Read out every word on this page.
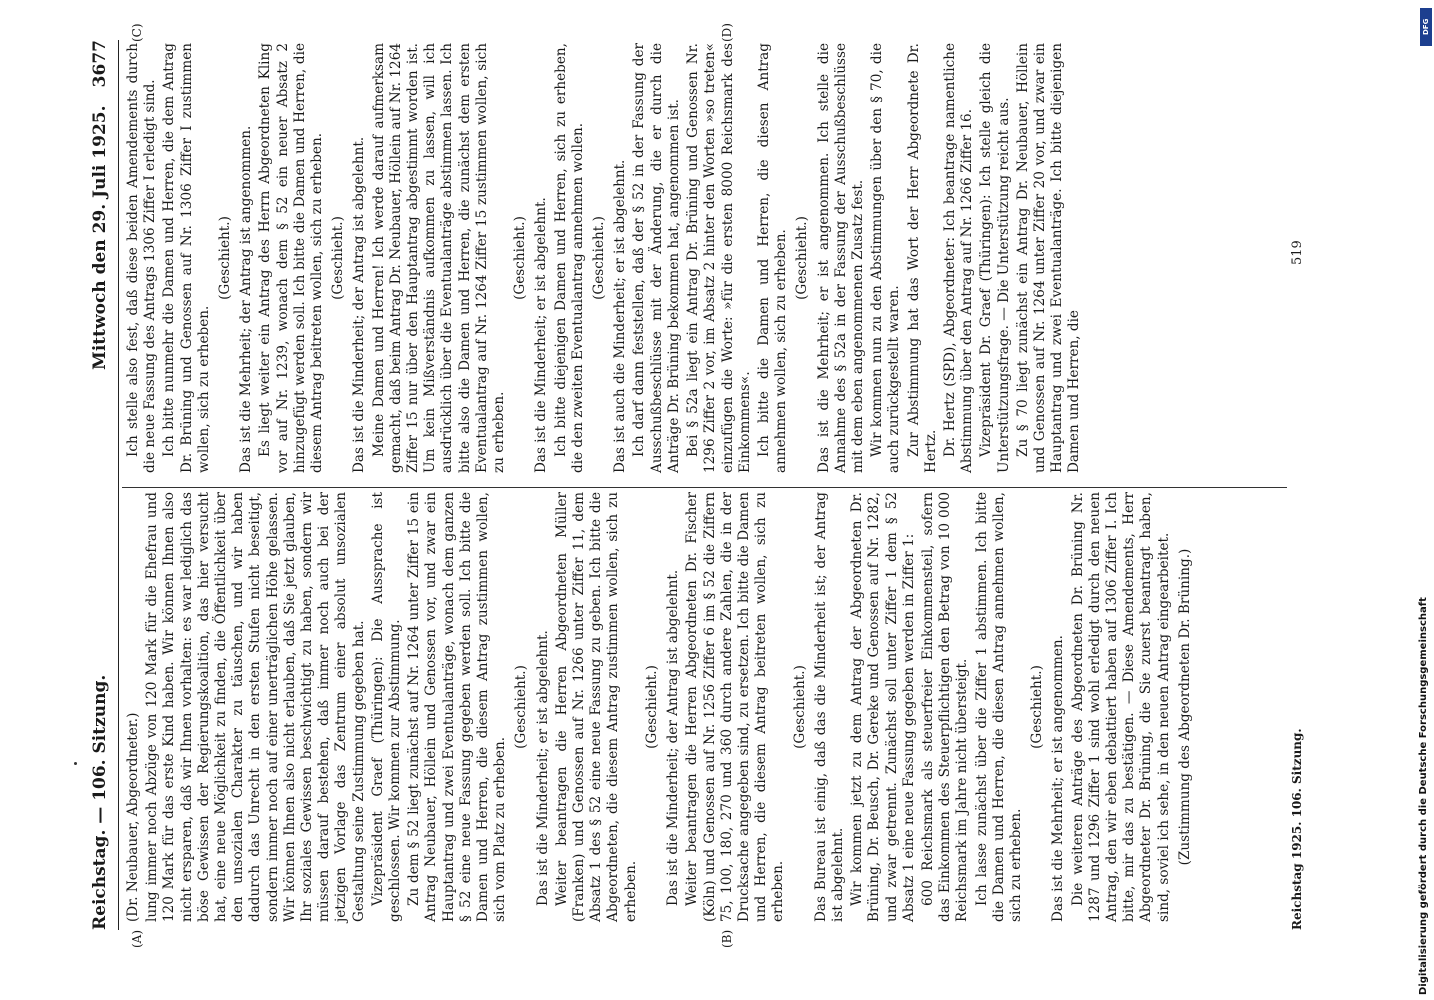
Reichstag. — 106. Sitzung.
Mittwoch den 29. Juli 1925.
3677
(A)	(B)
(C)	(D)

(Dr. Neubauer, Abgeordneter.) lung immer noch Abzüge von 120 Mark für die Ehefrau und 120 Mark für das erste Kind haben. Wir können Ihnen also nicht ersparen, daß wir Ihnen vorhalten: es war lediglich das böse Gewissen der Regierungskoalition, das hier versucht hat, eine neue Möglichkeit zu finden, die Öffentlichkeit über den unsozialen Charakter zu täuschen, und wir haben dadurch das Unrecht in den ersten Stufen nicht beseitigt, sondern immer noch auf einer unerträglichen Höhe gelassen. Wir können Ihnen also nicht erlauben, daß Sie jetzt glauben, Ihr soziales Gewissen beschwichtigt zu haben, sondern wir müssen darauf bestehen, daß immer noch auch bei der jetzigen Vorlage das Zentrum einer absolut unsozialen Gestaltung seine Zustimmung gegeben hat. Vizepräsident Graef (Thüringen): Die Aussprache ist geschlossen. Wir kommen zur Abstimmung. Zu dem § 52 liegt zunächst auf Nr. 1264 unter Ziffer 15 ein Antrag Neubauer, Höllein und Genossen vor, und zwar ein Hauptantrag und zwei Eventualanträge, wonach dem ganzen § 52 eine neue Fassung gegeben werden soll. Ich bitte die Damen und Herren, die diesem Antrag zustimmen wollen, sich vom Platz zu erheben.

(Geschieht.) Das ist die Minderheit; er ist abgelehnt. Weiter beantragen die Herren Abgeordneten Müller (Franken) und Genossen auf Nr. 1266 unter Ziffer 11, dem Absatz 1 des § 52 eine neue Fassung zu geben. Ich bitte die Abgeordneten, die diesem Antrag zustimmen wollen, sich zu erheben.

(Geschieht.) Das ist die Minderheit; der Antrag ist abgelehnt. Weiter beantragen die Herren Abgeordneten Dr. Fischer (Köln) und Genossen auf Nr. 1256 Ziffer 6 im § 52 die Ziffern 75, 100, 180, 270 und 360 durch andere Zahlen, die in der Drucksache angegeben sind, zu ersetzen. Ich bitte die Damen und Herren, die diesem Antrag beitreten wollen, sich zu erheben.

(Geschieht.) Das Bureau ist einig, daß das die Minderheit ist; der Antrag ist abgelehnt. Wir kommen jetzt zu dem Antrag der Abgeordneten Dr. Brüning, Dr. Beusch, Dr. Gereke und Genossen auf Nr. 1282, und zwar getrennt. Zunächst soll unter Ziffer 1 dem § 52 Absatz 1 eine neue Fassung gegeben werden in Ziffer 1: 600 Reichsmark als steuerfreier Einkommensteil, sofern das Einkommen des Steuerpflichtigen den Betrag von 10 000 Reichsmark im Jahre nicht übersteigt. Ich lasse zunächst über die Ziffer 1 abstimmen. Ich bitte die Damen und Herren, die diesen Antrag annehmen wollen, sich zu erheben.

(Geschieht.) Das ist die Mehrheit; er ist angenommen. Die weiteren Anträge des Abgeordneten Dr. Brüning Nr. 1287 und 1296 Ziffer 1 sind wohl erledigt durch den neuen Antrag, den wir eben debattiert haben auf 1306 Ziffer I. Ich bitte, mir das zu bestätigen. — Diese Amendements, Herr Abgeordneter Dr. Brüning, die Sie zuerst beantragt haben, sind, soviel ich sehe, in den neuen Antrag eingearbeitet. (Zustimmung des Abgeordneten Dr. Brüning.)

Ich stelle also fest, daß diese beiden Amendements durch die neue Fassung des Antrags 1306 Ziffer I erledigt sind. Ich bitte nunmehr die Damen und Herren, die dem Antrag Dr. Brüning und Genossen auf Nr. 1306 Ziffer I zustimmen wollen, sich zu erheben.

(Geschieht.) Das ist die Mehrheit; der Antrag ist angenommen. Es liegt weiter ein Antrag des Herrn Abgeordneten Kling vor auf Nr. 1239, wonach dem § 52 ein neuer Absatz 2 hinzugefügt werden soll. Ich bitte die Damen und Herren, die diesem Antrag beitreten wollen, sich zu erheben. (Geschieht.) Das ist die Minderheit; der Antrag ist abgelehnt. Meine Damen und Herren! Ich werde darauf aufmerksam gemacht, daß beim Antrag Dr. Neubauer, Höllein auf Nr. 1264 Ziffer 15 nur über den Hauptantrag abgestimmt worden ist. Um kein Mißverständnis aufkommen zu lassen, will ich ausdrücklich über die Eventualanträge abstimmen lassen. Ich bitte also die Damen und Herren, die zunächst dem ersten Eventualantrag auf Nr. 1264 Ziffer 15 zustimmen wollen, sich zu erheben.

(Geschieht.) Das ist die Minderheit; er ist abgelehnt. Ich bitte diejenigen Damen und Herren, sich zu erheben, die den zweiten Eventualantrag annehmen wollen. (Geschieht.) Das ist auch die Minderheit; er ist abgelehnt. Ich darf dann feststellen, daß der § 52 in der Fassung der Ausschußbeschlüsse mit der Änderung, die er durch die Anträge Dr. Brüning bekommen hat, angenommen ist. Bei § 52a liegt ein Antrag Dr. Brüning und Genossen Nr. 1296 Ziffer 2 vor, im Absatz 2 hinter den Worten »so treten« einzufügen die Worte: »für die ersten 8000 Reichsmark des Einkommens«. Ich bitte die Damen und Herren, die diesen Antrag annehmen wollen, sich zu erheben. (Geschieht.) Das ist die Mehrheit; er ist angenommen. Ich stelle die Annahme des § 52a in der Fassung der Ausschußbeschlüsse mit dem eben angenommenen Zusatz fest. Wir kommen nun zu den Abstimmungen über den § 70, die auch zurückgestellt waren. Zur Abstimmung hat das Wort der Herr Abgeordnete Dr. Hertz. Dr. Hertz (SPD), Abgeordneter: Ich beantrage namentliche Abstimmung über den Antrag auf Nr. 1266 Ziffer 16. Vizepräsident Dr. Graef (Thüringen): Ich stelle gleich die Unterstützungsfrage. — Die Unterstützung reicht aus. Zu § 70 liegt zunächst ein Antrag Dr. Neubauer, Höllein und Genossen auf Nr. 1264 unter Ziffer 20 vor, und zwar ein Hauptantrag und zwei Eventualanträge. Ich bitte diejenigen Damen und Herren, die

Reichstag 1925. 106. Sitzung.
519
DFG
Digitalisierung gefördert durch die Deutsche Forschungsgemeinschaft
